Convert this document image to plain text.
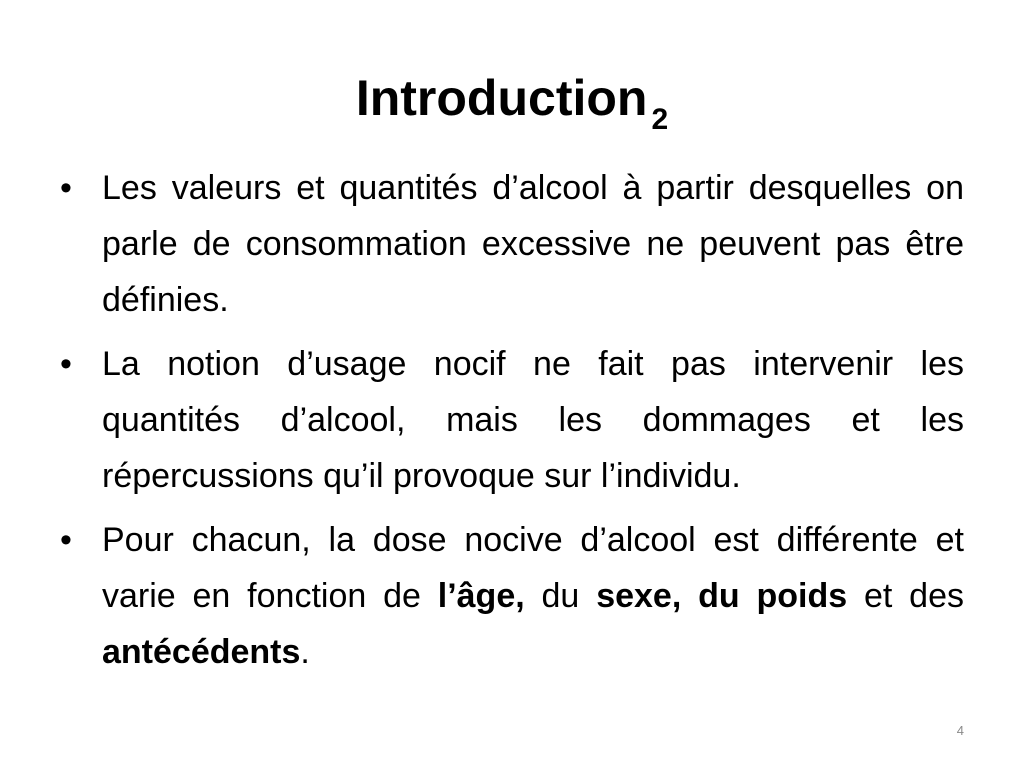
Introduction $_2$
• Les valeurs et quantités d’alcool à partir desquelles on parle de consommation excessive ne peuvent pas être définies.
• La notion d’usage nocif ne fait pas intervenir les quantités d’alcool, mais les dommages et les répercussions qu’il provoque sur l’individu.
• Pour chacun, la dose nocive d’alcool est différente et varie en fonction de l’âge, du sexe, du poids et des antécédents.
4
